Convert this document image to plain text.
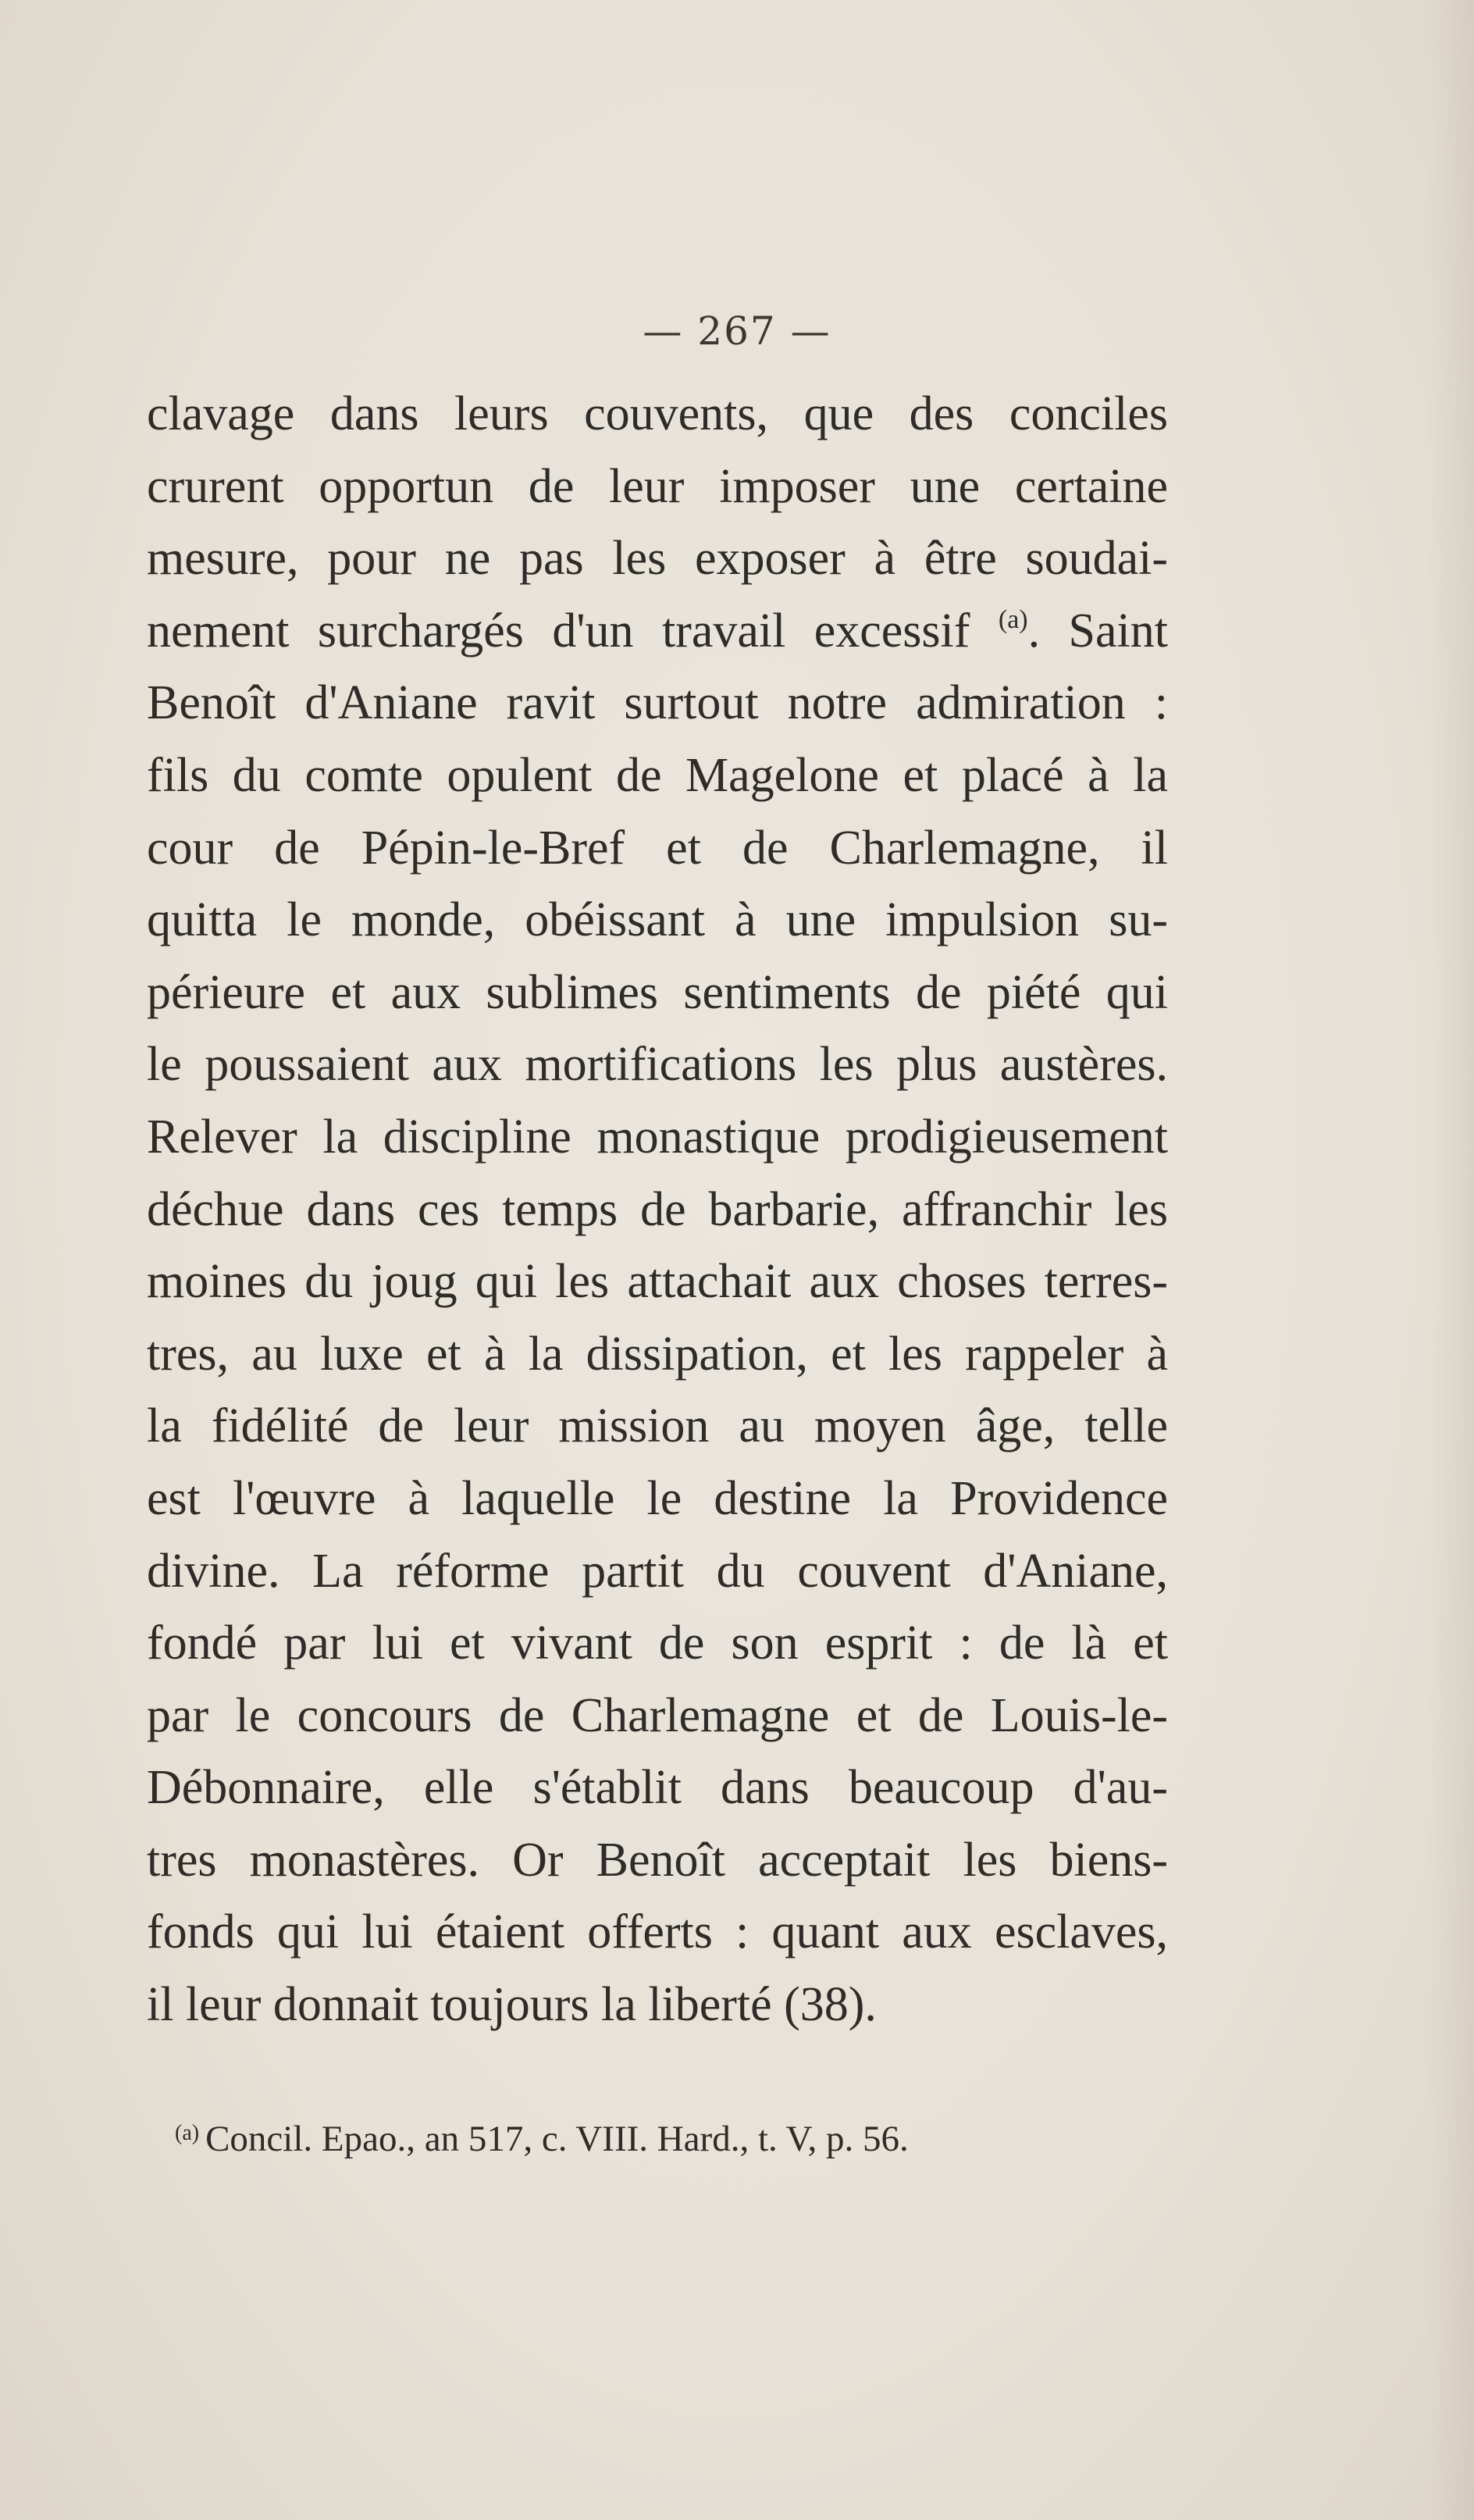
— 267 —
clavage dans leurs couvents, que des conciles
crurent opportun de leur imposer une certaine
mesure, pour ne pas les exposer à être soudai-
nement surchargés d'un travail excessif $^{(a)}$. Saint
Benoît d'Aniane ravit surtout notre admiration :
fils du comte opulent de Magelone et placé à la
cour de Pépin-le-Bref et de Charlemagne, il
quitta le monde, obéissant à une impulsion su-
périeure et aux sublimes sentiments de piété qui
le poussaient aux mortifications les plus austères.
Relever la discipline monastique prodigieusement
déchue dans ces temps de barbarie, affranchir les
moines du joug qui les attachait aux choses terres-
tres, au luxe et à la dissipation, et les rappeler à
la fidélité de leur mission au moyen âge, telle
est l'œuvre à laquelle le destine la Providence
divine. La réforme partit du couvent d'Aniane,
fondé par lui et vivant de son esprit : de là et
par le concours de Charlemagne et de Louis-le-
Débonnaire, elle s'établit dans beaucoup d'au-
tres monastères. Or Benoît acceptait les biens-
fonds qui lui étaient offerts : quant aux esclaves,
il leur donnait toujours la liberté (38).
$^{(a)}$ Concil. Epao., an 517, c. VIII. Hard., t. V, p. 56.
